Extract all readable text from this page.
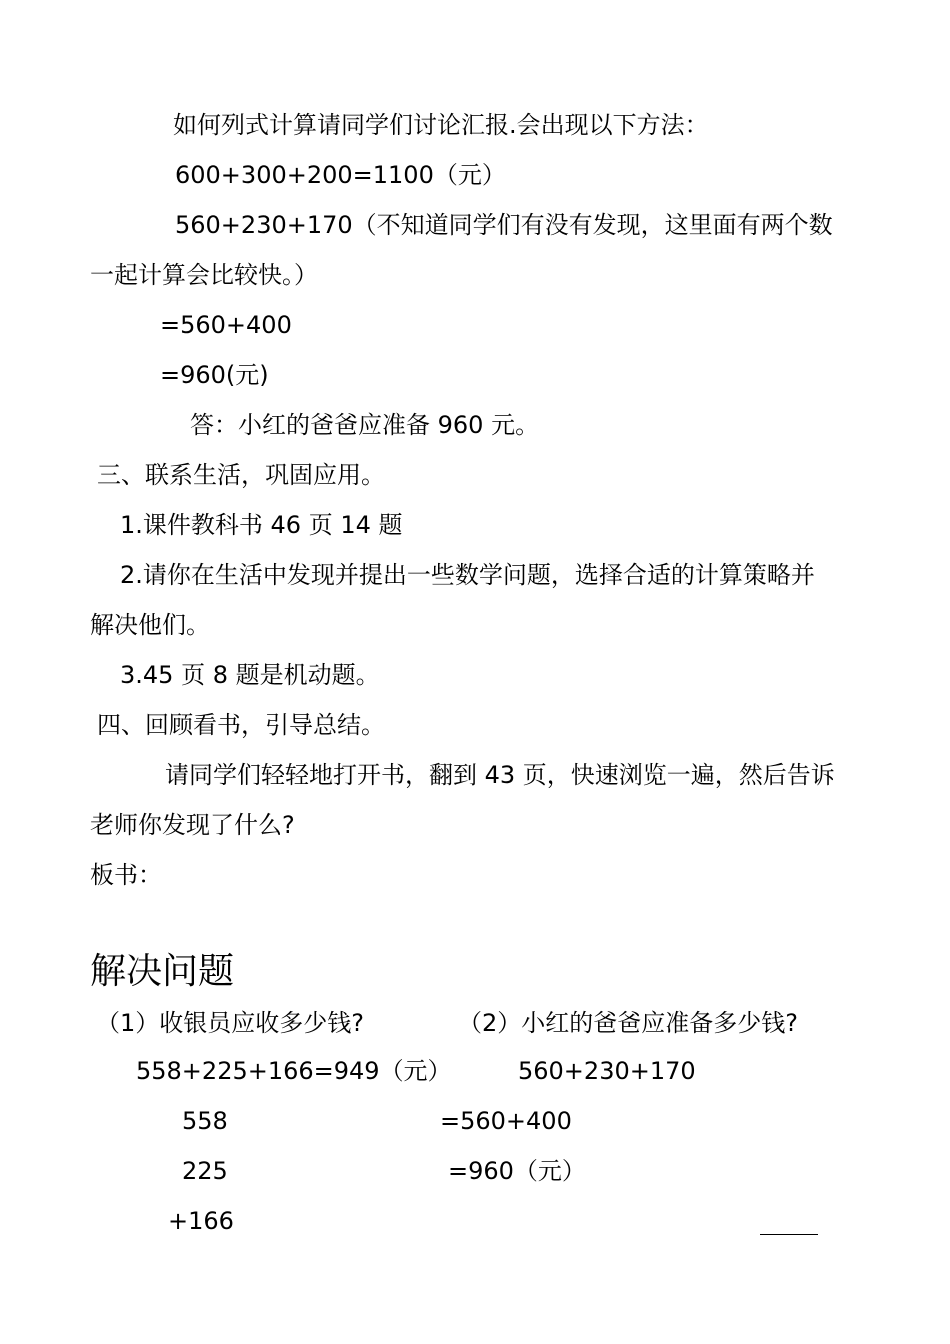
如何列式计算请同学们讨论汇报.会出现以下方法：
600+300+200=1100（元）
560+230+170（不知道同学们有没有发现，这里面有两个数
一起计算会比较快。）
=560+400
=960(元)
答：小红的爸爸应准备 960 元。
三、联系生活，巩固应用。
1.课件教科书 46 页 14 题
2.请你在生活中发现并提出一些数学问题，选择合适的计算策略并
解决他们。
3.45 页 8 题是机动题。
四、回顾看书，引导总结。
请同学们轻轻地打开书，翻到 43 页，快速浏览一遍，然后告诉
老师你发现了什么?
板书：
解决问题
（1）收银员应收多少钱?	（2）小红的爸爸应准备多少钱?
558+225+166=949（元）	560+230+170
558	=560+400
225	=960（元）
+166
